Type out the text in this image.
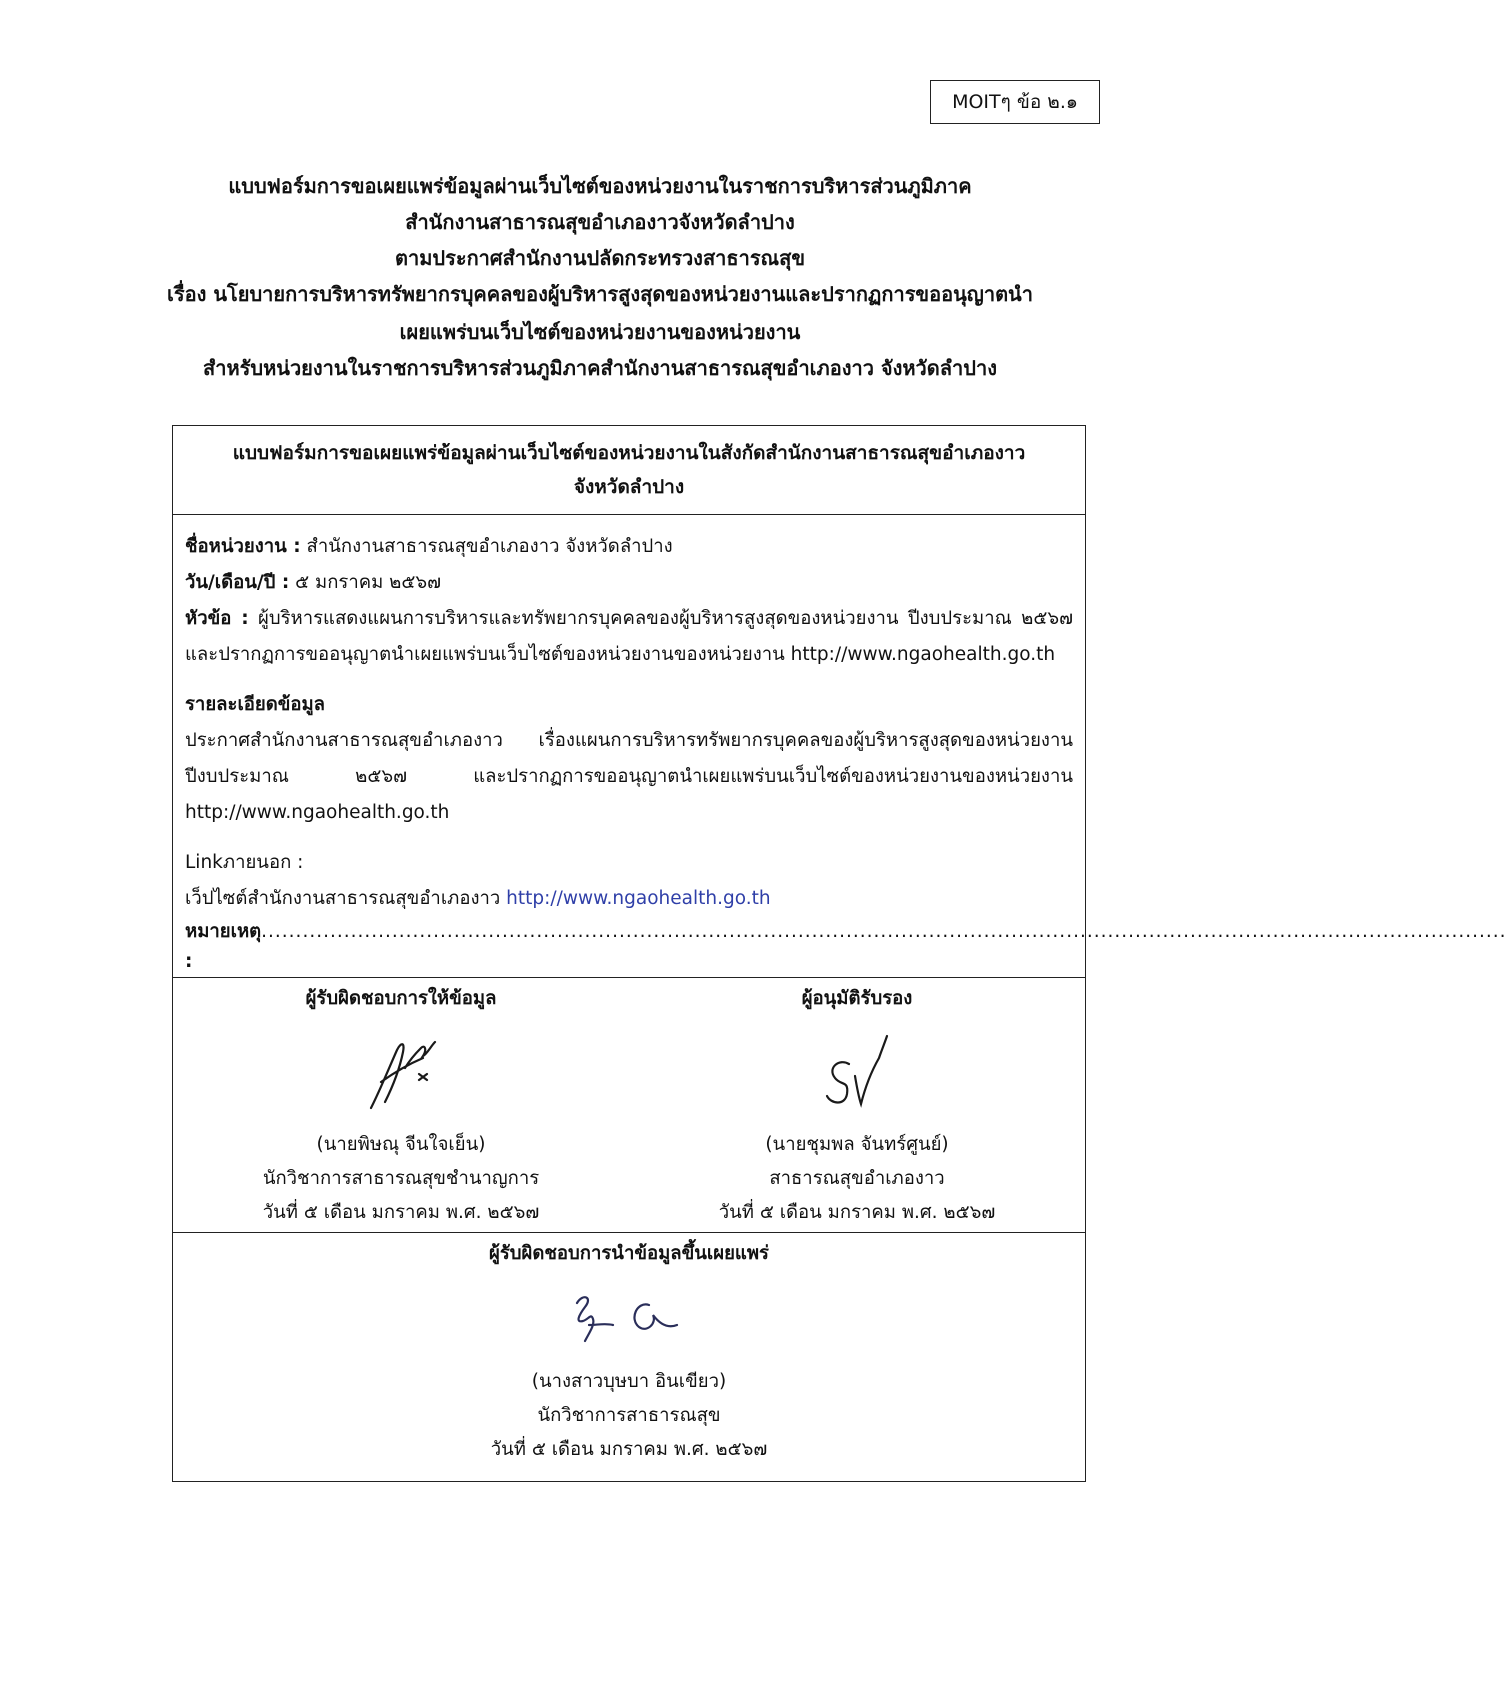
MOITๆ ข้อ ๒.๑
แบบฟอร์มการขอเผยแพร่ข้อมูลผ่านเว็บไซต์ของหน่วยงานในราชการบริหารส่วนภูมิภาค
สำนักงานสาธารณสุขอำเภองาวจังหวัดลำปาง
ตามประกาศสำนักงานปลัดกระทรวงสาธารณสุข
เรื่อง นโยบายการบริหารทรัพยากรบุคคลของผู้บริหารสูงสุดของหน่วยงานและปรากฏการขออนุญาตนำ
เผยแพร่บนเว็บไซต์ของหน่วยงานของหน่วยงาน
สำหรับหน่วยงานในราชการบริหารส่วนภูมิภาคสำนักงานสาธารณสุขอำเภองาว จังหวัดลำปาง
แบบฟอร์มการขอเผยแพร่ข้อมูลผ่านเว็บไซต์ของหน่วยงานในสังกัดสำนักงานสาธารณสุขอำเภองาว
จังหวัดลำปาง
ชื่อหน่วยงาน : สำนักงานสาธารณสุขอำเภองาว จังหวัดลำปาง
วัน/เดือน/ปี : ๕ มกราคม ๒๕๖๗
หัวข้อ : ผู้บริหารแสดงแผนการบริหารและทรัพยากรบุคคลของผู้บริหารสูงสุดของหน่วยงาน ปีงบประมาณ ๒๕๖๗ และปรากฏการขออนุญาตนำเผยแพร่บนเว็บไซต์ของหน่วยงานของหน่วยงาน http://www.ngaohealth.go.th
รายละเอียดข้อมูล
ประกาศสำนักงานสาธารณสุขอำเภองาว เรื่องแผนการบริหารทรัพยากรบุคคลของผู้บริหารสูงสุดของหน่วยงาน ปีงบประมาณ ๒๕๖๗ และปรากฏการขออนุญาตนำเผยแพร่บนเว็บไซต์ของหน่วยงานของหน่วยงาน http://www.ngaohealth.go.th
Linkภายนอก :
เว็ปไซต์สำนักงานสาธารณสุขอำเภองาว http://www.ngaohealth.go.th
หมายเหตุ :
.....................................................................................................................................................................................
ผู้รับผิดชอบการให้ข้อมูล
(นายพิษณุ จีนใจเย็น)
นักวิชาการสาธารณสุขชำนาญการ
วันที่ ๕ เดือน มกราคม พ.ศ. ๒๕๖๗
ผู้อนุมัติรับรอง
(นายชุมพล จันทร์ศูนย์)
สาธารณสุขอำเภองาว
วันที่ ๕ เดือน มกราคม พ.ศ. ๒๕๖๗
ผู้รับผิดชอบการนำข้อมูลขึ้นเผยแพร่
(นางสาวบุษบา อินเขียว)
นักวิชาการสาธารณสุข
วันที่ ๕ เดือน มกราคม พ.ศ. ๒๕๖๗
